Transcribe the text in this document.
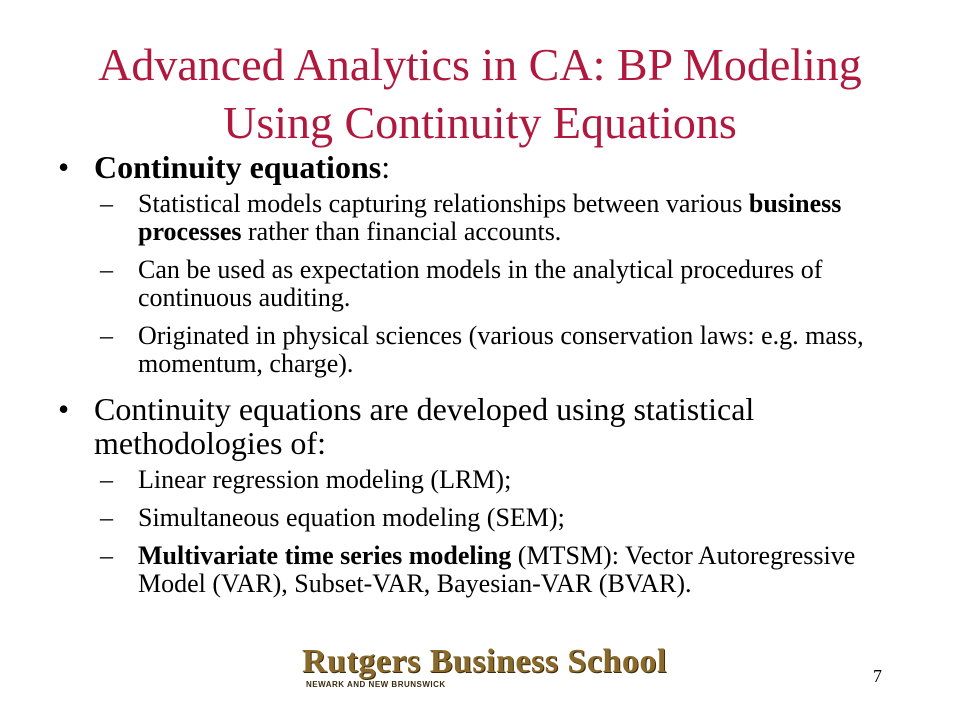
Advanced Analytics in CA: BP Modeling
Using Continuity Equations
• Continuity equations:
– Statistical models capturing relationships between various business processes rather than financial accounts.
– Can be used as expectation models in the analytical procedures of continuous auditing.
– Originated in physical sciences (various conservation laws: e.g. mass, momentum, charge).
• Continuity equations are developed using statistical methodologies of:
– Linear regression modeling (LRM);
– Simultaneous equation modeling (SEM);
– Multivariate time series modeling (MTSM): Vector Autoregressive Model (VAR), Subset-VAR, Bayesian-VAR (BVAR).
Rutgers Business School
NEWARK AND NEW BRUNSWICK	7
